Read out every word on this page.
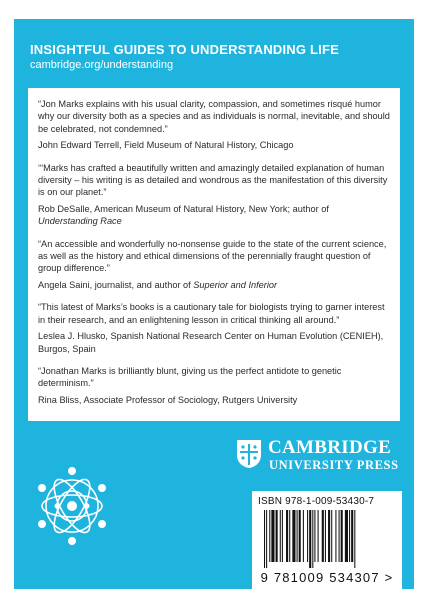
INSIGHTFUL GUIDES TO UNDERSTANDING LIFE
cambridge.org/understanding

“Jon Marks explains with his usual clarity, compassion, and sometimes risqué humor why our diversity both as a species and as individuals is normal, inevitable, and should be celebrated, not condemned.”

John Edward Terrell, Field Museum of Natural History, Chicago

‘“Marks has crafted a beautifully written and amazingly detailed explanation of human diversity – his writing is as detailed and wondrous as the manifestation of this diversity is on our planet.”

Rob DeSalle, American Museum of Natural History, New York; author of Understanding Race

“An accessible and wonderfully no-nonsense guide to the state of the current science, as well as the history and ethical dimensions of the perennially fraught question of group difference.”

Angela Saini, journalist, and author of Superior and Inferior

“This latest of Marks’s books is a cautionary tale for biologists trying to garner interest in their research, and an enlightening lesson in critical thinking all around.”

Leslea J. Hlusko, Spanish National Research Center on Human Evolution (CENIEH), Burgos, Spain

“Jonathan Marks is brilliantly blunt, giving us the perfect antidote to genetic determinism.”

Rina Bliss, Associate Professor of Sociology, Rutgers University

CAMBRIDGE
UNIVERSITY PRESS
ISBN 978-1-009-53430-7
9 781009 534307 >
